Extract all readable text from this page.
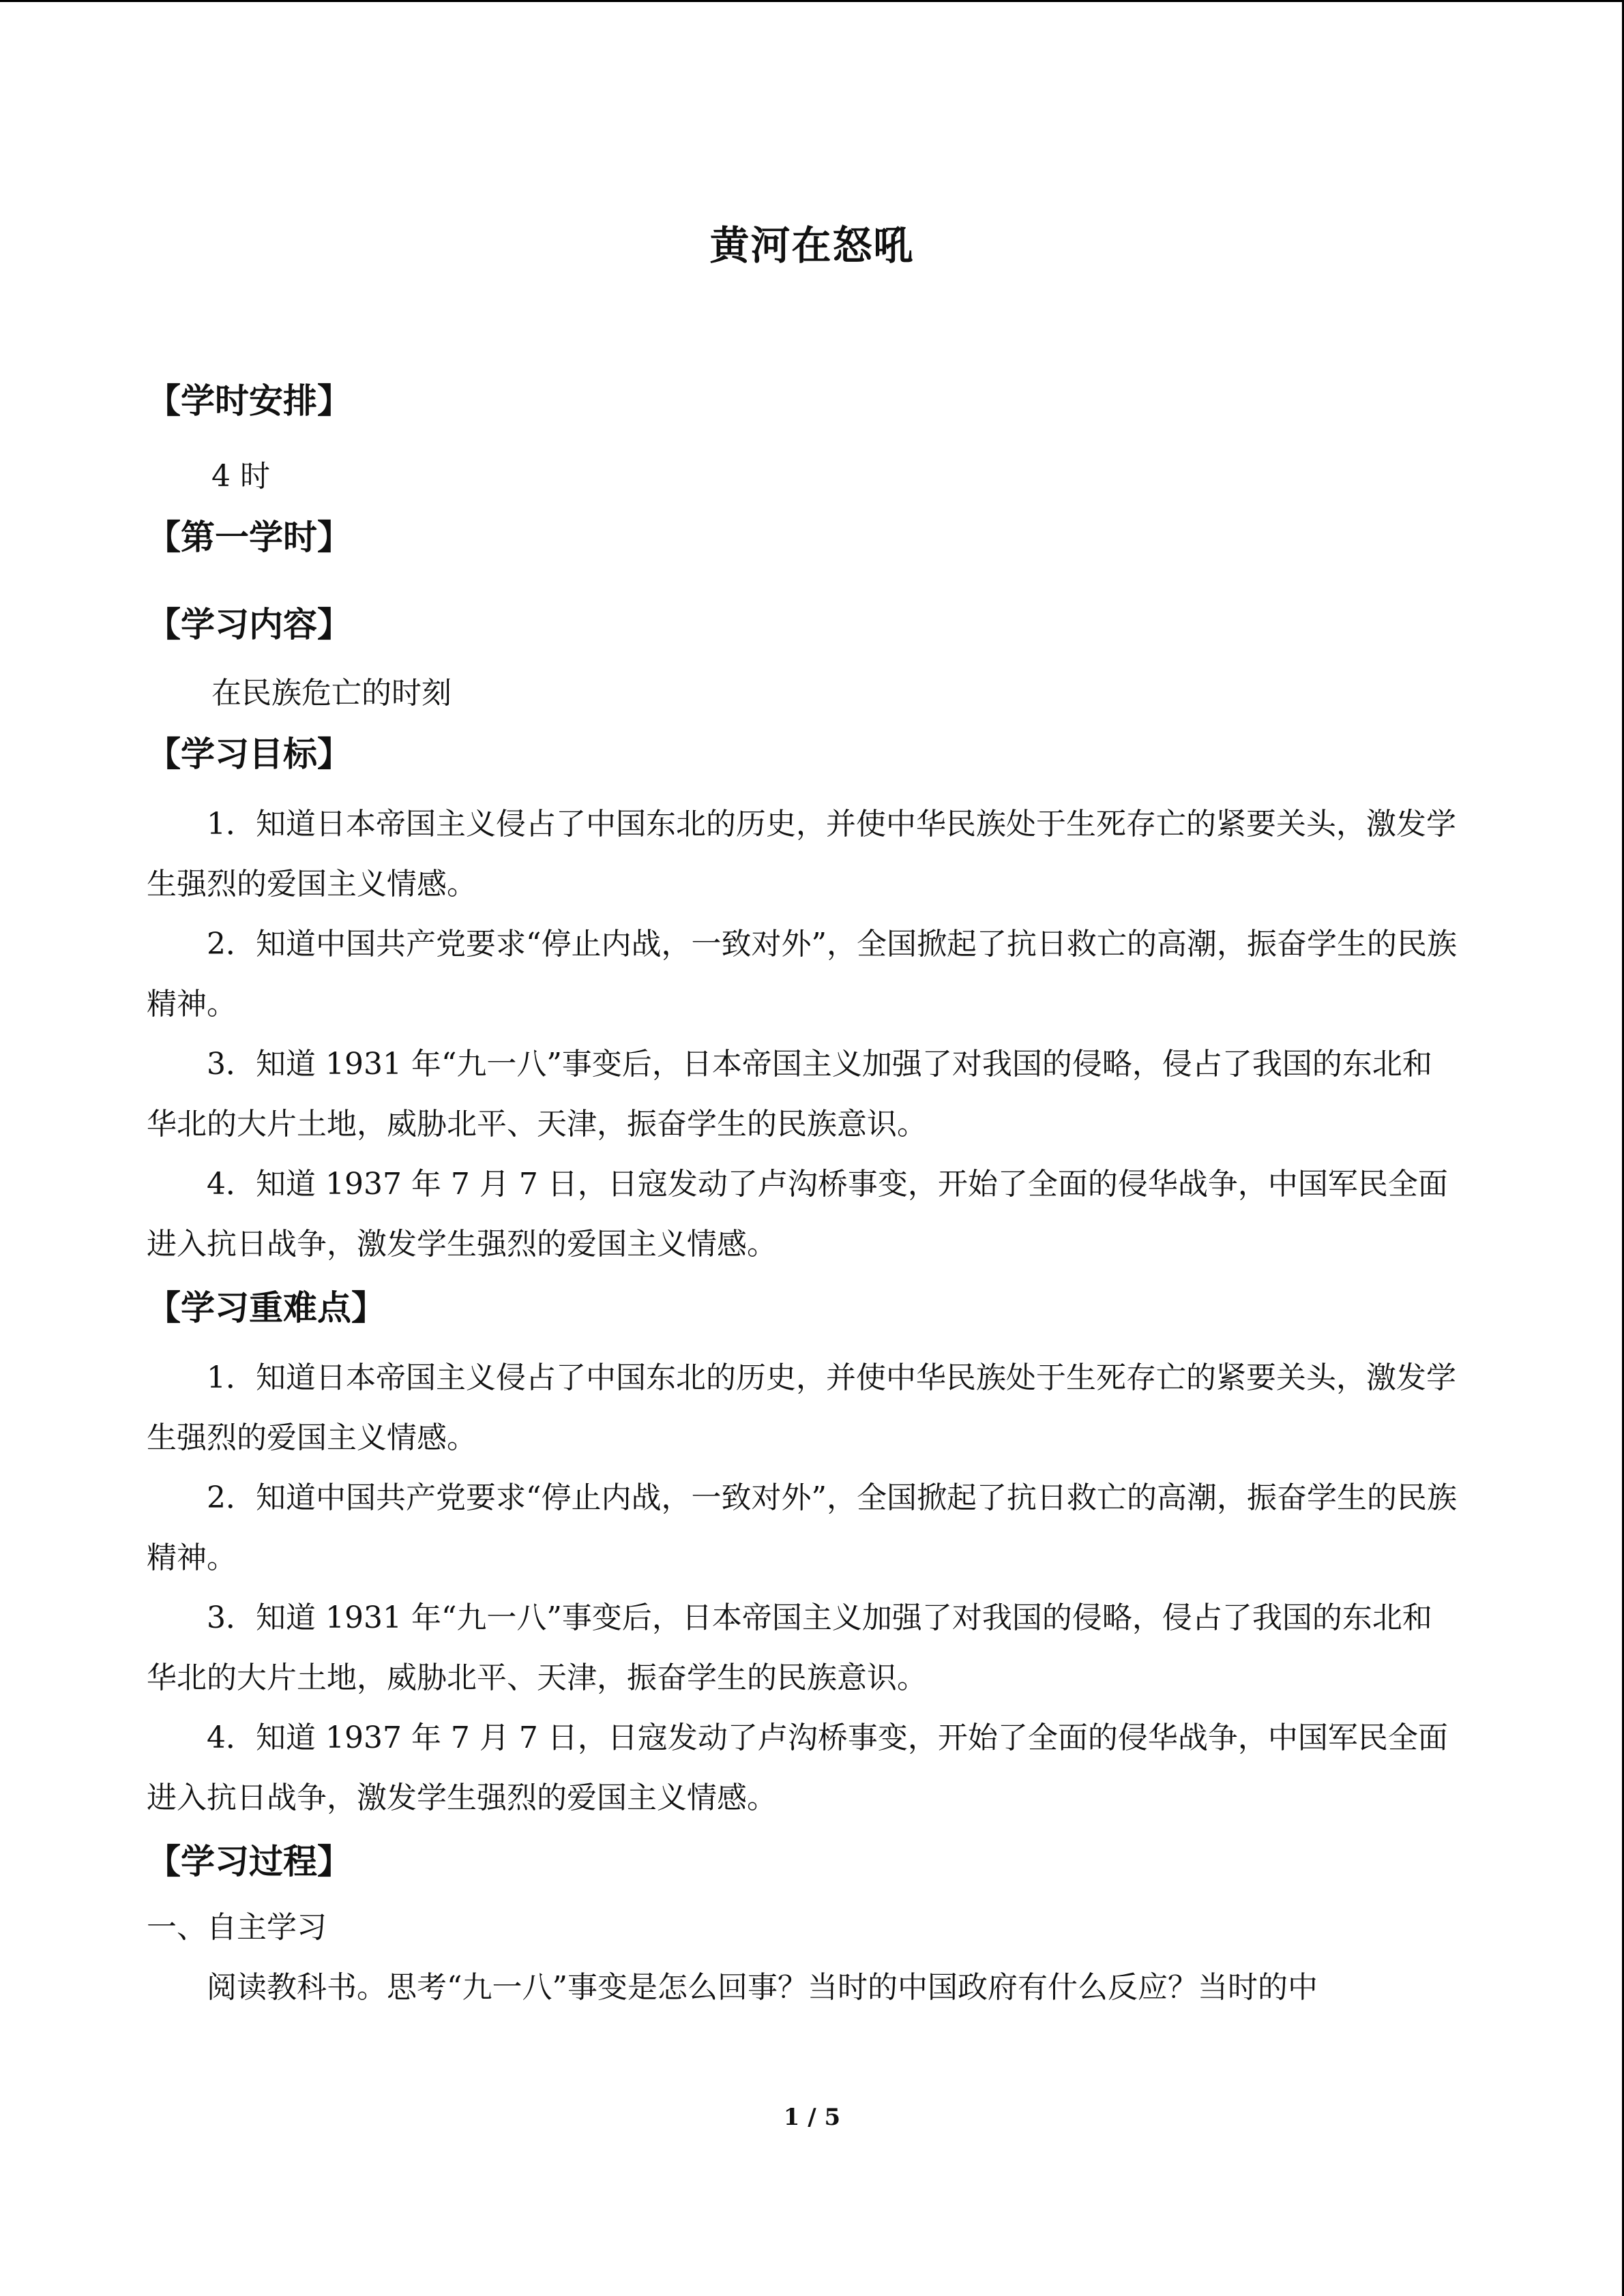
黄河在怒吼
【学时安排】

4 时

【第一学时】
【学习内容】

在民族危亡的时刻

【学习目标】

1．知道日本帝国主义侵占了中国东北的历史，并使中华民族处于生死存亡的紧要关头，激发学生强烈的爱国主义情感。

2．知道中国共产党要求“停止内战，一致对外”，全国掀起了抗日救亡的高潮，振奋学生的民族精神。

3．知道 1931 年“九一八”事变后，日本帝国主义加强了对我国的侵略，侵占了我国的东北和华北的大片土地，威胁北平、天津，振奋学生的民族意识。

4．知道 1937 年 7 月 7 日，日寇发动了卢沟桥事变，开始了全面的侵华战争，中国军民全面进入抗日战争，激发学生强烈的爱国主义情感。

【学习重难点】

1．知道日本帝国主义侵占了中国东北的历史，并使中华民族处于生死存亡的紧要关头，激发学生强烈的爱国主义情感。

2．知道中国共产党要求“停止内战，一致对外”，全国掀起了抗日救亡的高潮，振奋学生的民族精神。

3．知道 1931 年“九一八”事变后，日本帝国主义加强了对我国的侵略，侵占了我国的东北和华北的大片土地，威胁北平、天津，振奋学生的民族意识。

4．知道 1937 年 7 月 7 日，日寇发动了卢沟桥事变，开始了全面的侵华战争，中国军民全面进入抗日战争，激发学生强烈的爱国主义情感。

【学习过程】

一、自主学习

阅读教科书。思考“九一八”事变是怎么回事？当时的中国政府有什么反应？当时的中

1 / 5
